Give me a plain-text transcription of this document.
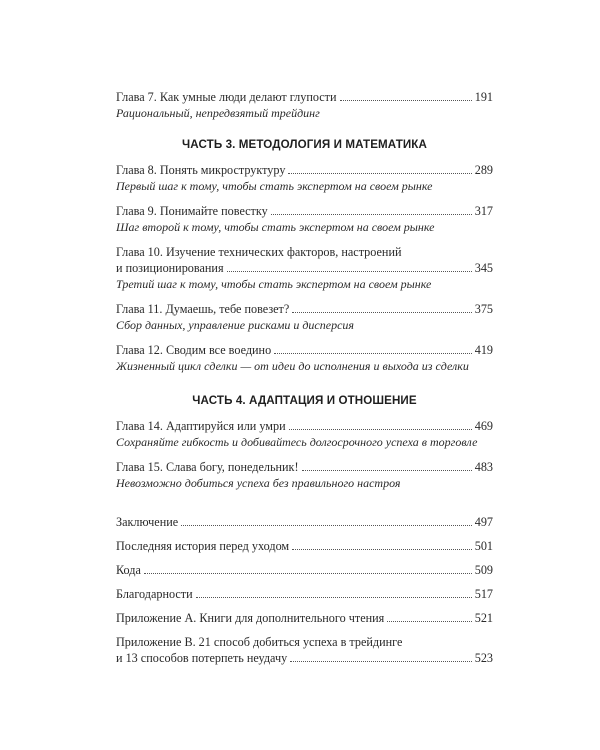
Глава 7. Как умные люди делают глупости	191
Рациональный, непредвзятый трейдинг
ЧАСТЬ 3. МЕТОДОЛОГИЯ И МАТЕМАТИКА
Глава 8. Понять микроструктуру	289
Первый шаг к тому, чтобы стать экспертом на своем рынке
Глава 9. Понимайте повестку	317
Шаг второй к тому, чтобы стать экспертом на своем рынке
Глава 10. Изучение технических факторов, настроений
и позиционирования	345
Третий шаг к тому, чтобы стать экспертом на своем рынке
Глава 11. Думаешь, тебе повезет?	375
Сбор данных, управление рисками и дисперсия
Глава 12. Сводим все воедино	419
Жизненный цикл сделки — от идеи до исполнения и выхода из сделки
ЧАСТЬ 4. АДАПТАЦИЯ И ОТНОШЕНИЕ
Глава 14. Адаптируйся или умри	469
Сохраняйте гибкость и добивайтесь долгосрочного успеха в торговле
Глава 15. Слава богу, понедельник!	483
Невозможно добиться успеха без правильного настроя
Заключение	497
Последняя история перед уходом	501
Кода	509
Благодарности	517
Приложение А. Книги для дополнительного чтения	521
Приложение В. 21 способ добиться успеха в трейдинге
и 13 способов потерпеть неудачу	523
